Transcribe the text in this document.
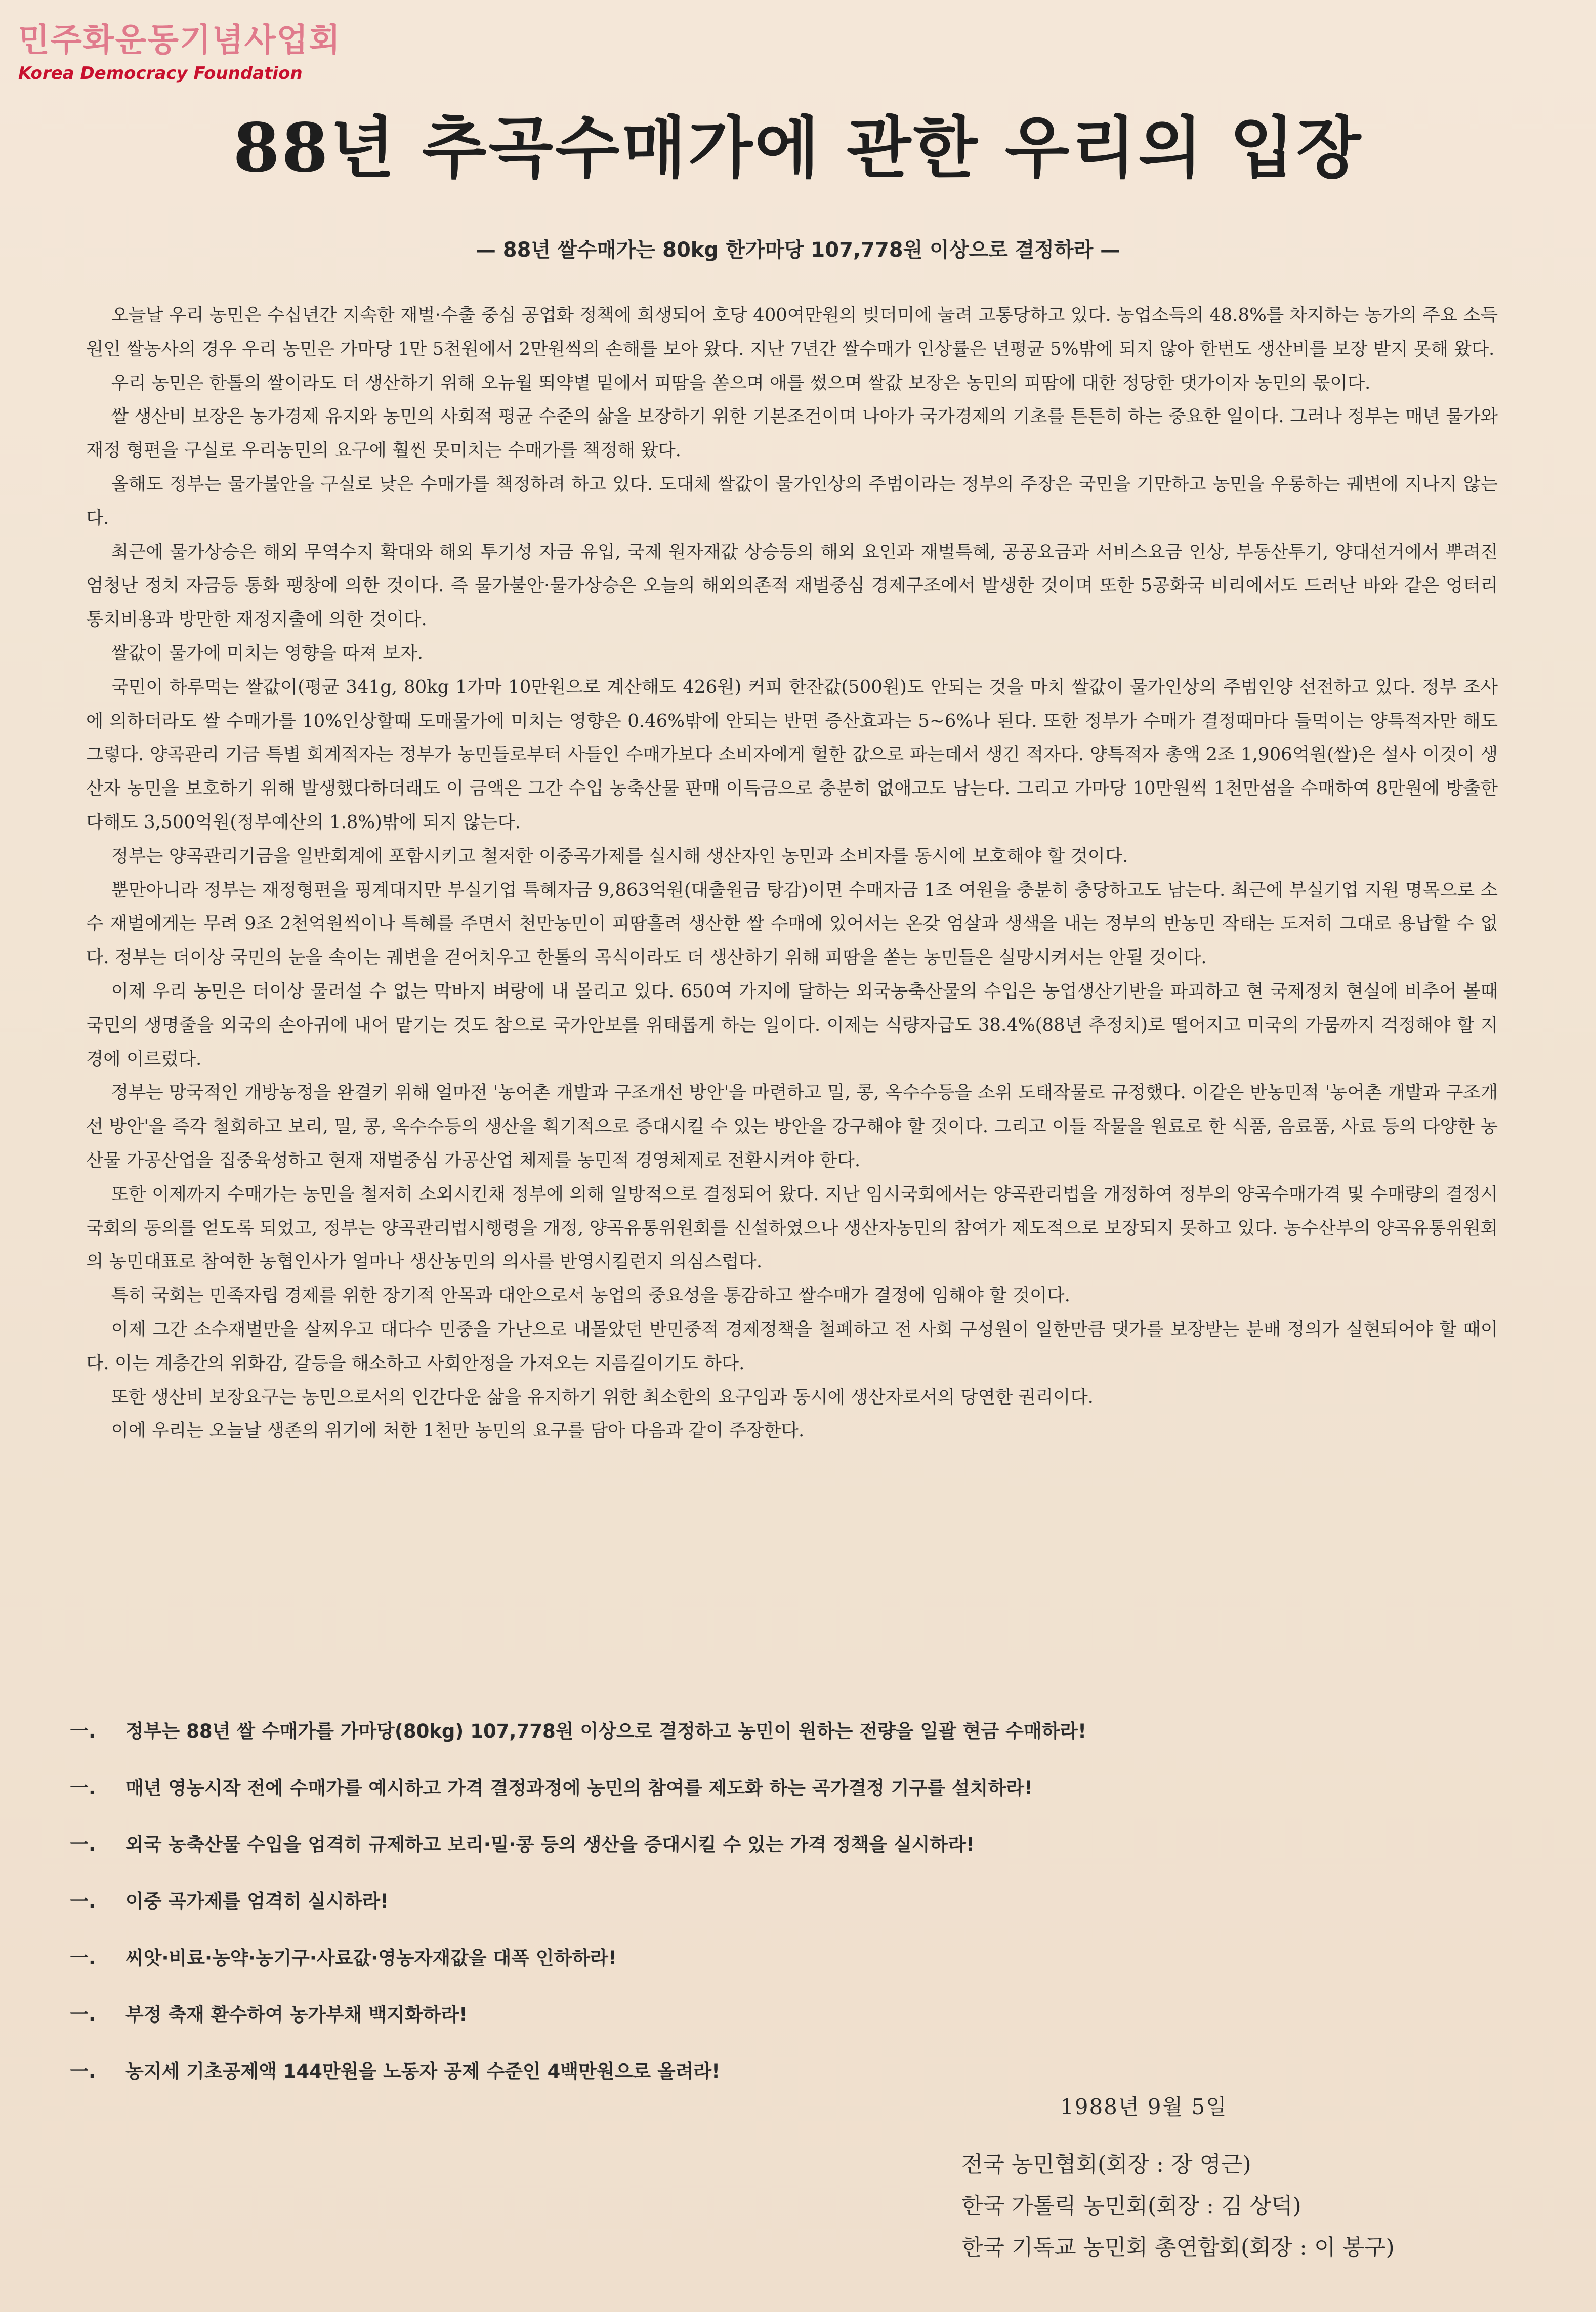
민주화운동기념사업회
Korea Democracy Foundation
88년 추곡수매가에 관한 우리의 입장
— 88년 쌀수매가는 80kg 한가마당 107,778원 이상으로 결정하라 —

오늘날 우리 농민은 수십년간 지속한 재벌·수출 중심 공업화 정책에 희생되어 호당 400여만원의 빚더미에 눌려 고통당하고 있다. 농업소득의 48.8%를 차지하는 농가의 주요 소득원인 쌀농사의 경우 우리 농민은 가마당 1만 5천원에서 2만원씩의 손해를 보아 왔다. 지난 7년간 쌀수매가 인상률은 년평균 5%밖에 되지 않아 한번도 생산비를 보장 받지 못해 왔다.

우리 농민은 한톨의 쌀이라도 더 생산하기 위해 오뉴월 뙤약볕 밑에서 피땀을 쏟으며 애를 썼으며 쌀값 보장은 농민의 피땀에 대한 정당한 댓가이자 농민의 몫이다.

쌀 생산비 보장은 농가경제 유지와 농민의 사회적 평균 수준의 삶을 보장하기 위한 기본조건이며 나아가 국가경제의 기초를 튼튼히 하는 중요한 일이다. 그러나 정부는 매년 물가와 재정 형편을 구실로 우리농민의 요구에 훨씬 못미치는 수매가를 책정해 왔다.

올해도 정부는 물가불안을 구실로 낮은 수매가를 책정하려 하고 있다. 도대체 쌀값이 물가인상의 주범이라는 정부의 주장은 국민을 기만하고 농민을 우롱하는 궤변에 지나지 않는다.

최근에 물가상승은 해외 무역수지 확대와 해외 투기성 자금 유입, 국제 원자재값 상승등의 해외 요인과 재벌특혜, 공공요금과 서비스요금 인상, 부동산투기, 양대선거에서 뿌려진 엄청난 정치 자금등 통화 팽창에 의한 것이다. 즉 물가불안·물가상승은 오늘의 해외의존적 재벌중심 경제구조에서 발생한 것이며 또한 5공화국 비리에서도 드러난 바와 같은 엉터리 통치비용과 방만한 재정지출에 의한 것이다.

쌀값이 물가에 미치는 영향을 따져 보자.

국민이 하루먹는 쌀값이(평균 341g, 80kg 1가마 10만원으로 계산해도 426원) 커피 한잔값(500원)도 안되는 것을 마치 쌀값이 물가인상의 주범인양 선전하고 있다. 정부 조사에 의하더라도 쌀 수매가를 10%인상할때 도매물가에 미치는 영향은 0.46%밖에 안되는 반면 증산효과는 5~6%나 된다. 또한 정부가 수매가 결정때마다 들먹이는 양특적자만 해도 그렇다. 양곡관리 기금 특별 회계적자는 정부가 농민들로부터 사들인 수매가보다 소비자에게 헐한 값으로 파는데서 생긴 적자다. 양특적자 총액 2조 1,906억원(쌀)은 설사 이것이 생산자 농민을 보호하기 위해 발생했다하더래도 이 금액은 그간 수입 농축산물 판매 이득금으로 충분히 없애고도 남는다. 그리고 가마당 10만원씩 1천만섬을 수매하여 8만원에 방출한다해도 3,500억원(정부예산의 1.8%)밖에 되지 않는다.

정부는 양곡관리기금을 일반회계에 포함시키고 철저한 이중곡가제를 실시해 생산자인 농민과 소비자를 동시에 보호해야 할 것이다.

뿐만아니라 정부는 재정형편을 핑계대지만 부실기업 특혜자금 9,863억원(대출원금 탕감)이면 수매자금 1조 여원을 충분히 충당하고도 남는다. 최근에 부실기업 지원 명목으로 소수 재벌에게는 무려 9조 2천억원씩이나 특혜를 주면서 천만농민이 피땀흘려 생산한 쌀 수매에 있어서는 온갖 엄살과 생색을 내는 정부의 반농민 작태는 도저히 그대로 용납할 수 없다. 정부는 더이상 국민의 눈을 속이는 궤변을 걷어치우고 한톨의 곡식이라도 더 생산하기 위해 피땀을 쏟는 농민들은 실망시켜서는 안될 것이다.

이제 우리 농민은 더이상 물러설 수 없는 막바지 벼랑에 내 몰리고 있다. 650여 가지에 달하는 외국농축산물의 수입은 농업생산기반을 파괴하고 현 국제정치 현실에 비추어 볼때 국민의 생명줄을 외국의 손아귀에 내어 맡기는 것도 참으로 국가안보를 위태롭게 하는 일이다. 이제는 식량자급도 38.4%(88년 추정치)로 떨어지고 미국의 가뭄까지 걱정해야 할 지경에 이르렀다.

정부는 망국적인 개방농정을 완결키 위해 얼마전 '농어촌 개발과 구조개선 방안'을 마련하고 밀, 콩, 옥수수등을 소위 도태작물로 규정했다. 이같은 반농민적 '농어촌 개발과 구조개선 방안'을 즉각 철회하고 보리, 밀, 콩, 옥수수등의 생산을 획기적으로 증대시킬 수 있는 방안을 강구해야 할 것이다. 그리고 이들 작물을 원료로 한 식품, 음료품, 사료 등의 다양한 농산물 가공산업을 집중육성하고 현재 재벌중심 가공산업 체제를 농민적 경영체제로 전환시켜야 한다.

또한 이제까지 수매가는 농민을 철저히 소외시킨채 정부에 의해 일방적으로 결정되어 왔다. 지난 임시국회에서는 양곡관리법을 개정하여 정부의 양곡수매가격 및 수매량의 결정시 국회의 동의를 얻도록 되었고, 정부는 양곡관리법시행령을 개정, 양곡유통위원회를 신설하였으나 생산자농민의 참여가 제도적으로 보장되지 못하고 있다. 농수산부의 양곡유통위원회의 농민대표로 참여한 농협인사가 얼마나 생산농민의 의사를 반영시킬런지 의심스럽다.

특히 국회는 민족자립 경제를 위한 장기적 안목과 대안으로서 농업의 중요성을 통감하고 쌀수매가 결정에 임해야 할 것이다.

이제 그간 소수재벌만을 살찌우고 대다수 민중을 가난으로 내몰았던 반민중적 경제정책을 철폐하고 전 사회 구성원이 일한만큼 댓가를 보장받는 분배 정의가 실현되어야 할 때이다. 이는 계층간의 위화감, 갈등을 해소하고 사회안정을 가져오는 지름길이기도 하다.

또한 생산비 보장요구는 농민으로서의 인간다운 삶을 유지하기 위한 최소한의 요구임과 동시에 생산자로서의 당연한 권리이다.

이에 우리는 오늘날 생존의 위기에 처한 1천만 농민의 요구를 담아 다음과 같이 주장한다.

一.	정부는 88년 쌀 수매가를 가마당(80kg) 107,778원 이상으로 결정하고 농민이 원하는 전량을 일괄 현금 수매하라!
一.	매년 영농시작 전에 수매가를 예시하고 가격 결정과정에 농민의 참여를 제도화 하는 곡가결정 기구를 설치하라!
一.	외국 농축산물 수입을 엄격히 규제하고 보리·밀·콩 등의 생산을 증대시킬 수 있는 가격 정책을 실시하라!
一.	이중 곡가제를 엄격히 실시하라!
一.	씨앗·비료·농약·농기구·사료값·영농자재값을 대폭 인하하라!
一.	부정 축재 환수하여 농가부채 백지화하라!
一.	농지세 기초공제액 144만원을 노동자 공제 수준인 4백만원으로 올려라!
1988년 9월 5일
전국 농민협회(회장 : 장 영근)
한국 가톨릭 농민회(회장 : 김 상덕)
한국 기독교 농민회 총연합회(회장 : 이 봉구)
